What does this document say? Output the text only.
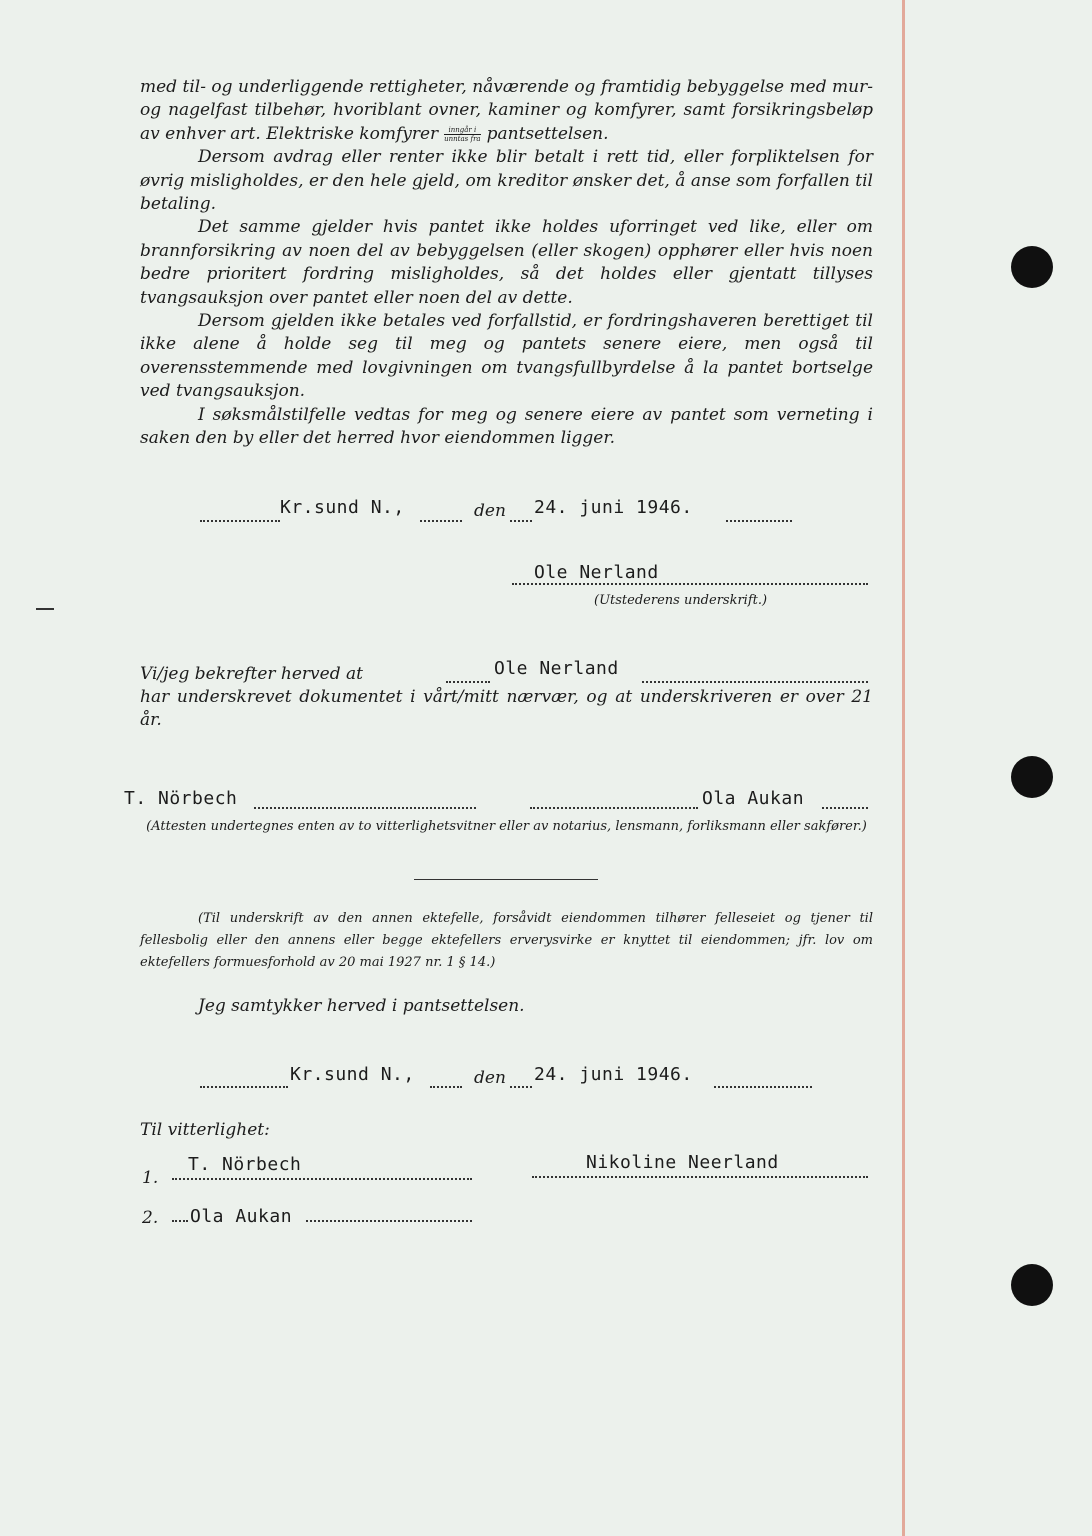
med til- og underliggende rettigheter, nåværende og framtidig bebyggelse med mur- og nagelfast tilbehør, hvoriblant ovner, kaminer og komfyrer, samt forsikringsbeløp av enhver art. Elektriske komfyrer $\frac{\text{inngår i}}{\text{unntas fra}}$ pantsettelsen.

Dersom avdrag eller renter ikke blir betalt i rett tid, eller forpliktelsen for øvrig misligholdes, er den hele gjeld, om kreditor ønsker det, å anse som forfallen til betaling.

Det samme gjelder hvis pantet ikke holdes uforringet ved like, eller om brannforsikring av noen del av bebyggelsen (eller skogen) opphører eller hvis noen bedre prioritert fordring misligholdes, så det holdes eller gjentatt tillyses tvangsauksjon over pantet eller noen del av dette.

Dersom gjelden ikke betales ved forfallstid, er fordringshaveren berettiget til ikke alene å holde seg til meg og pantets senere eiere, men også til overensstemmende med lovgivningen om tvangsfullbyrdelse å la pantet bortselge ved tvangsauksjon.

I søksmålstilfelle vedtas for meg og senere eiere av pantet som verneting i saken den by eller det herred hvor eiendommen ligger.

Kr.sund N.,	den 24. juni 1946.
Ole Nerland
(Utstederens underskrift.)
Vi/jeg bekrefter herved at	Ole Nerland
har underskrevet dokumentet i vårt/mitt nærvær, og at underskriveren er over 21 år.
T. Nörbech	Ola Aukan
(Attesten undertegnes enten av to vitterlighetsvitner eller av notarius, lensmann, forliksmann eller sakfører.)
(Til underskrift av den annen ektefelle, forsåvidt eiendommen tilhører felleseiet og tjener til fellesbolig eller den annens eller begge ektefellers erverysvirke er knyttet til eiendommen; jfr. lov om ektefellers formuesforhold av 20 mai 1927 nr. 1 § 14.)
Jeg samtykker herved i pantsettelsen.
Kr.sund N.,	den 24. juni 1946.
Til vitterlighet:
1.
T. Nörbech	Nikoline Neerland
2. Ola Aukan
